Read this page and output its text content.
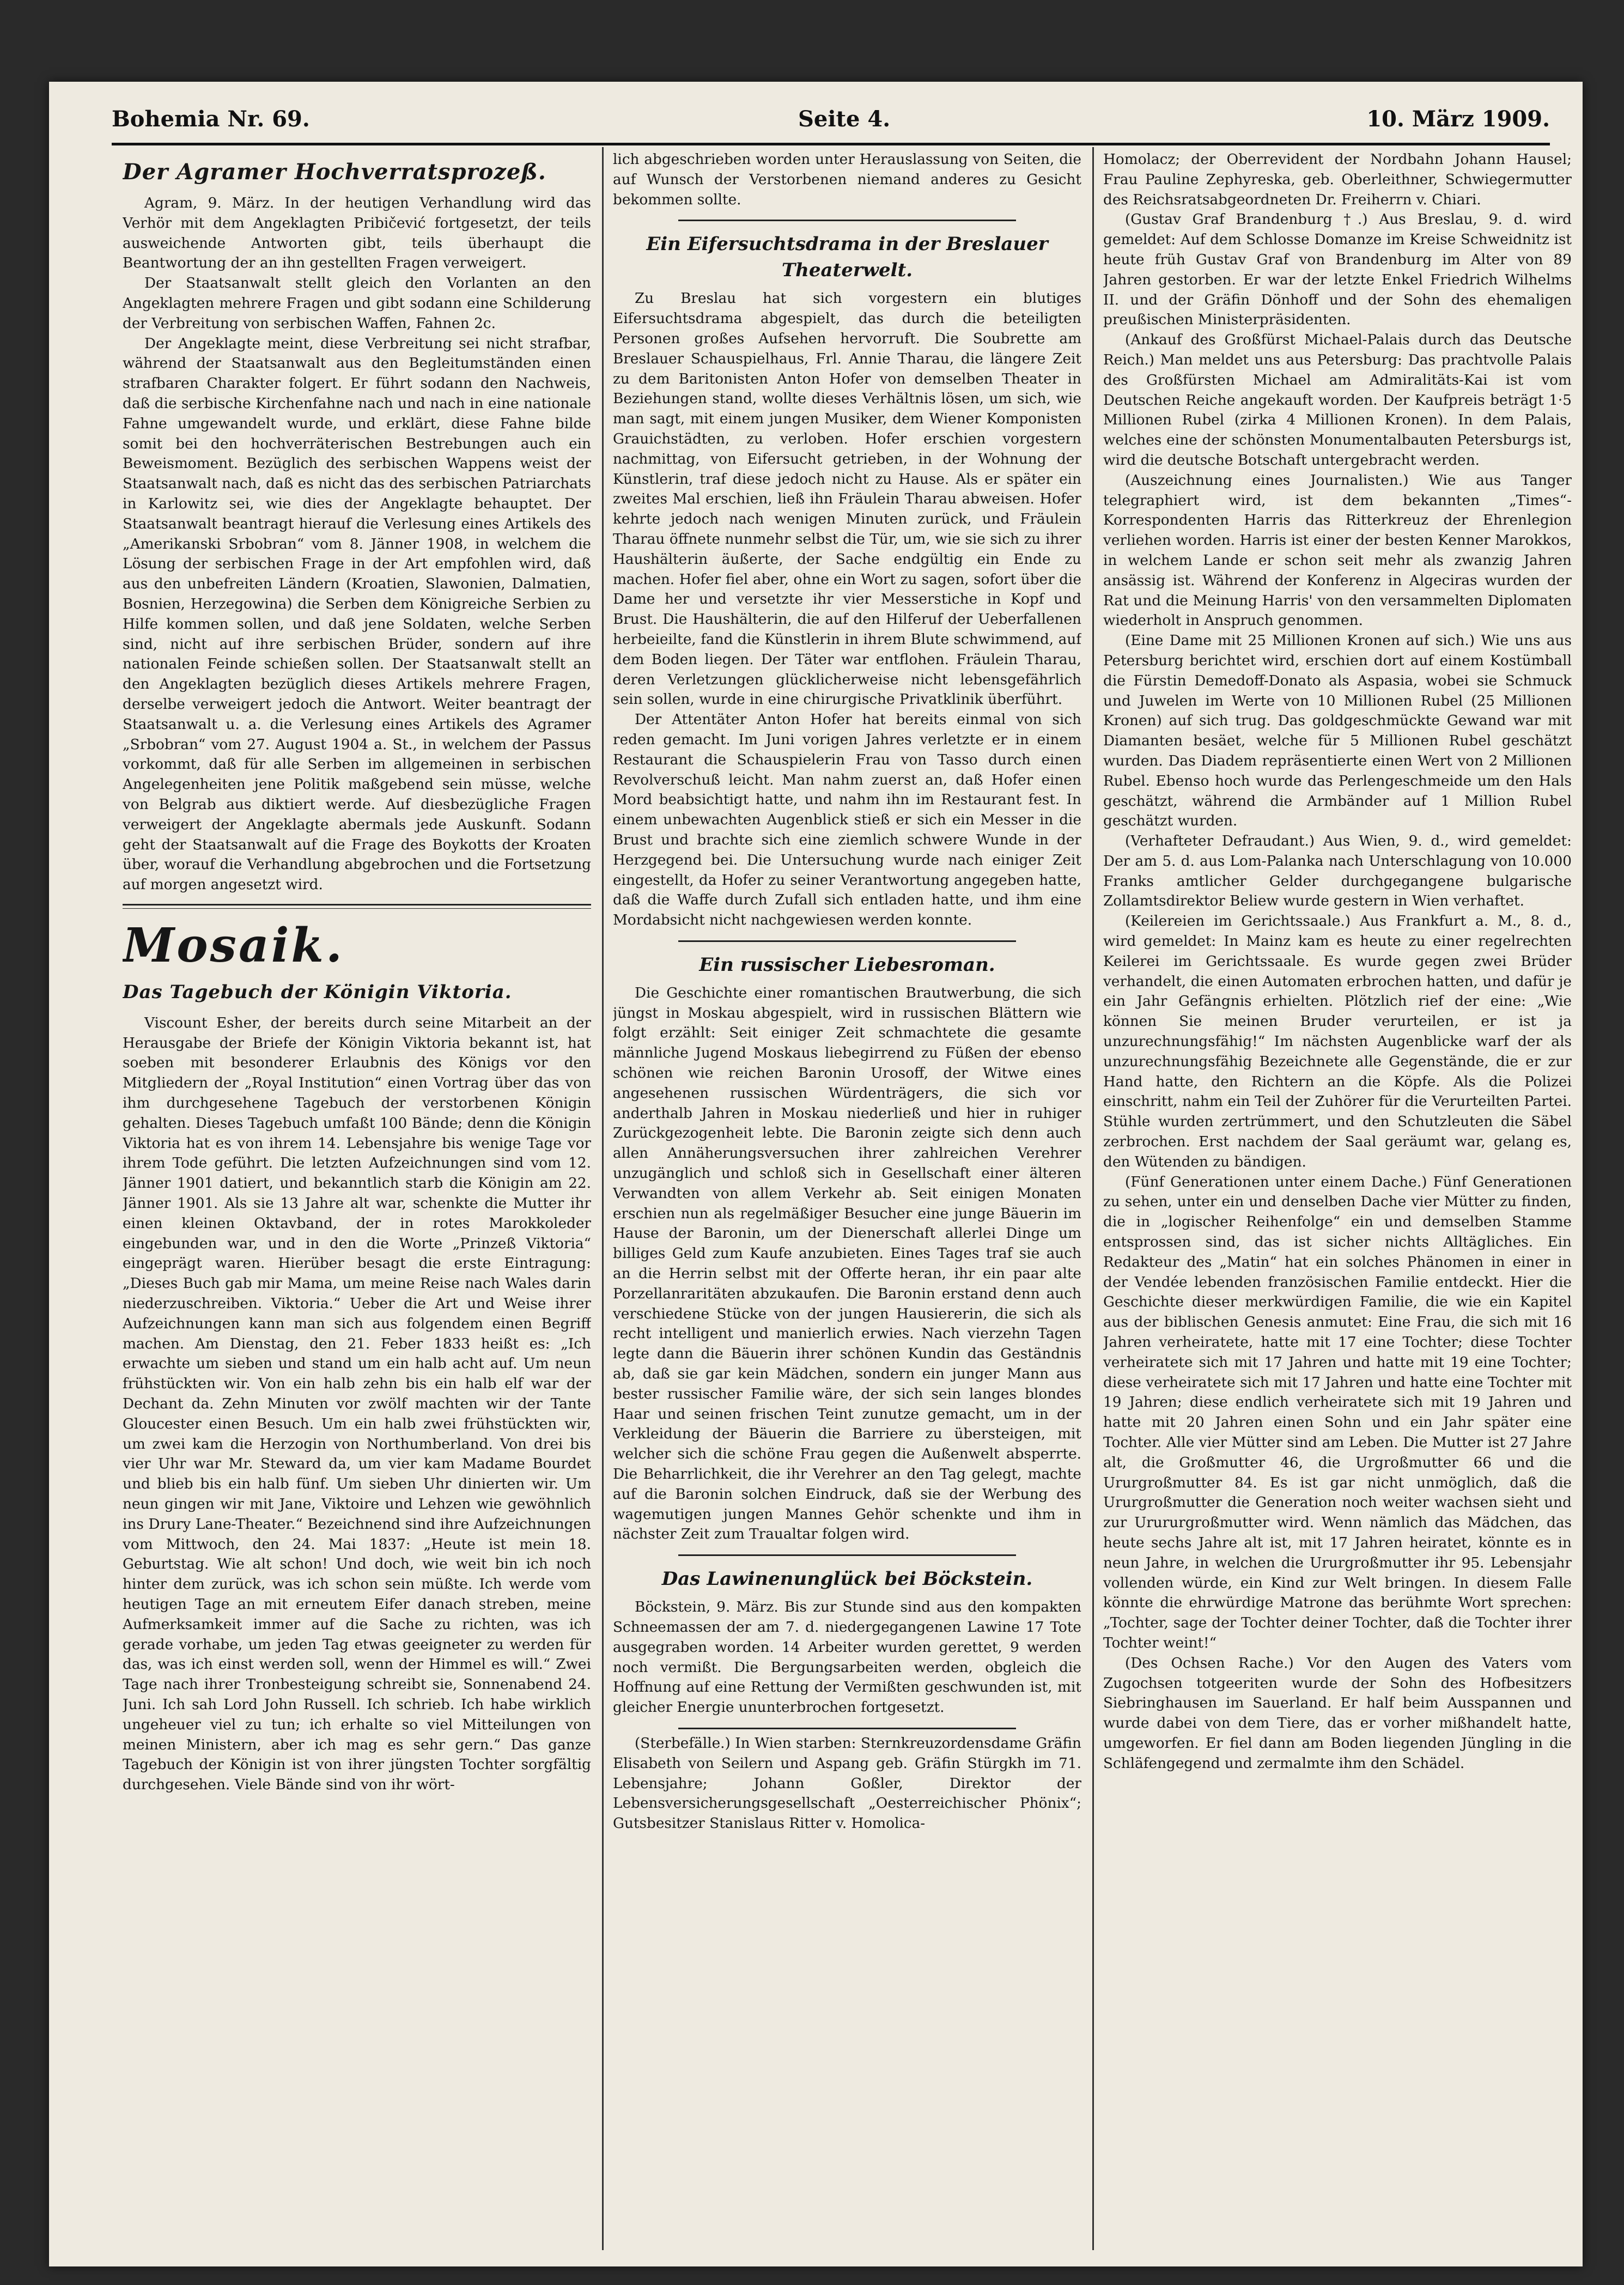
Bohemia Nr. 69.	Seite 4.	10. März 1909.
Der Agramer Hochverratsprozeß.

Agram, 9. März. In der heutigen Verhandlung wird das Verhör mit dem Angeklagten Pribičević fortgesetzt, der teils ausweichende Antworten gibt, teils überhaupt die Beantwortung der an ihn gestellten Fragen verweigert.

Der Staatsanwalt stellt gleich den Vorlanten an den Angeklagten mehrere Fragen und gibt sodann eine Schilderung der Verbreitung von serbischen Waffen, Fahnen 2c.

Der Angeklagte meint, diese Verbreitung sei nicht strafbar, während der Staatsanwalt aus den Begleitumständen einen strafbaren Charakter folgert. Er führt sodann den Nachweis, daß die serbische Kirchenfahne nach und nach in eine nationale Fahne umgewandelt wurde, und erklärt, diese Fahne bilde somit bei den hochverräterischen Bestrebungen auch ein Beweismoment. Bezüglich des serbischen Wappens weist der Staatsanwalt nach, daß es nicht das des serbischen Patriarchats in Karlowitz sei, wie dies der Angeklagte behauptet. Der Staatsanwalt beantragt hierauf die Verlesung eines Artikels des „Amerikanski Srbobran“ vom 8. Jänner 1908, in welchem die Lösung der serbischen Frage in der Art empfohlen wird, daß aus den unbefreiten Ländern (Kroatien, Slawonien, Dalmatien, Bosnien, Herzegowina) die Serben dem Königreiche Serbien zu Hilfe kommen sollen, und daß jene Soldaten, welche Serben sind, nicht auf ihre serbischen Brüder, sondern auf ihre nationalen Feinde schießen sollen. Der Staatsanwalt stellt an den Angeklagten bezüglich dieses Artikels mehrere Fragen, derselbe verweigert jedoch die Antwort. Weiter beantragt der Staatsanwalt u. a. die Verlesung eines Artikels des Agramer „Srbobran“ vom 27. August 1904 a. St., in welchem der Passus vorkommt, daß für alle Serben im allgemeinen in serbischen Angelegenheiten jene Politik maßgebend sein müsse, welche von Belgrab aus diktiert werde. Auf diesbezügliche Fragen verweigert der Angeklagte abermals jede Auskunft. Sodann geht der Staatsanwalt auf die Frage des Boykotts der Kroaten über, worauf die Verhandlung abgebrochen und die Fortsetzung auf morgen angesetzt wird.

Mosaik.
Das Tagebuch der Königin Viktoria.

Viscount Esher, der bereits durch seine Mitarbeit an der Herausgabe der Briefe der Königin Viktoria bekannt ist, hat soeben mit besonderer Erlaubnis des Königs vor den Mitgliedern der „Royal Institution“ einen Vortrag über das von ihm durchgesehene Tagebuch der verstorbenen Königin gehalten. Dieses Tagebuch umfaßt 100 Bände; denn die Königin Viktoria hat es von ihrem 14. Lebensjahre bis wenige Tage vor ihrem Tode geführt. Die letzten Aufzeichnungen sind vom 12. Jänner 1901 datiert, und bekanntlich starb die Königin am 22. Jänner 1901. Als sie 13 Jahre alt war, schenkte die Mutter ihr einen kleinen Oktavband, der in rotes Marokkoleder eingebunden war, und in den die Worte „Prinzeß Viktoria“ eingeprägt waren. Hierüber besagt die erste Eintragung: „Dieses Buch gab mir Mama, um meine Reise nach Wales darin niederzuschreiben. Viktoria.“ Ueber die Art und Weise ihrer Aufzeichnungen kann man sich aus folgendem einen Begriff machen. Am Dienstag, den 21. Feber 1833 heißt es: „Ich erwachte um sieben und stand um ein halb acht auf. Um neun frühstückten wir. Von ein halb zehn bis ein halb elf war der Dechant da. Zehn Minuten vor zwölf machten wir der Tante Gloucester einen Besuch. Um ein halb zwei frühstückten wir, um zwei kam die Herzogin von Northumberland. Von drei bis vier Uhr war Mr. Steward da, um vier kam Madame Bourdet und blieb bis ein halb fünf. Um sieben Uhr dinierten wir. Um neun gingen wir mit Jane, Viktoire und Lehzen wie gewöhnlich ins Drury Lane-Theater.“ Bezeichnend sind ihre Aufzeichnungen vom Mittwoch, den 24. Mai 1837: „Heute ist mein 18. Geburtstag. Wie alt schon! Und doch, wie weit bin ich noch hinter dem zurück, was ich schon sein müßte. Ich werde vom heutigen Tage an mit erneutem Eifer danach streben, meine Aufmerksamkeit immer auf die Sache zu richten, was ich gerade vorhabe, um jeden Tag etwas geeigneter zu werden für das, was ich einst werden soll, wenn der Himmel es will.“ Zwei Tage nach ihrer Tronbesteigung schreibt sie, Sonnenabend 24. Juni. Ich sah Lord John Russell. Ich schrieb. Ich habe wirklich ungeheuer viel zu tun; ich erhalte so viel Mitteilungen von meinen Ministern, aber ich mag es sehr gern.“ Das ganze Tagebuch der Königin ist von ihrer jüngsten Tochter sorgfältig durchgesehen. Viele Bände sind von ihr wört-

lich abgeschrieben worden unter Herauslassung von Seiten, die auf Wunsch der Verstorbenen niemand anderes zu Gesicht bekommen sollte.

Ein Eifersuchtsdrama in der Breslauer Theaterwelt.

Zu Breslau hat sich vorgestern ein blutiges Eifersuchtsdrama abgespielt, das durch die beteiligten Personen großes Aufsehen hervorruft. Die Soubrette am Breslauer Schauspielhaus, Frl. Annie Tharau, die längere Zeit zu dem Baritonisten Anton Hofer von demselben Theater in Beziehungen stand, wollte dieses Verhältnis lösen, um sich, wie man sagt, mit einem jungen Musiker, dem Wiener Komponisten Grauichstädten, zu verloben. Hofer erschien vorgestern nachmittag, von Eifersucht getrieben, in der Wohnung der Künstlerin, traf diese jedoch nicht zu Hause. Als er später ein zweites Mal erschien, ließ ihn Fräulein Tharau abweisen. Hofer kehrte jedoch nach wenigen Minuten zurück, und Fräulein Tharau öffnete nunmehr selbst die Tür, um, wie sie sich zu ihrer Haushälterin äußerte, der Sache endgültig ein Ende zu machen. Hofer fiel aber, ohne ein Wort zu sagen, sofort über die Dame her und versetzte ihr vier Messerstiche in Kopf und Brust. Die Haushälterin, die auf den Hilferuf der Ueberfallenen herbeieilte, fand die Künstlerin in ihrem Blute schwimmend, auf dem Boden liegen. Der Täter war entflohen. Fräulein Tharau, deren Verletzungen glücklicherweise nicht lebensgefährlich sein sollen, wurde in eine chirurgische Privatklinik überführt.

Der Attentäter Anton Hofer hat bereits einmal von sich reden gemacht. Im Juni vorigen Jahres verletzte er in einem Restaurant die Schauspielerin Frau von Tasso durch einen Revolverschuß leicht. Man nahm zuerst an, daß Hofer einen Mord beabsichtigt hatte, und nahm ihn im Restaurant fest. In einem unbewachten Augenblick stieß er sich ein Messer in die Brust und brachte sich eine ziemlich schwere Wunde in der Herzgegend bei. Die Untersuchung wurde nach einiger Zeit eingestellt, da Hofer zu seiner Verantwortung angegeben hatte, daß die Waffe durch Zufall sich entladen hatte, und ihm eine Mordabsicht nicht nachgewiesen werden konnte.

Ein russischer Liebesroman.

Die Geschichte einer romantischen Brautwerbung, die sich jüngst in Moskau abgespielt, wird in russischen Blättern wie folgt erzählt: Seit einiger Zeit schmachtete die gesamte männliche Jugend Moskaus liebegirrend zu Füßen der ebenso schönen wie reichen Baronin Urosoff, der Witwe eines angesehenen russischen Würdenträgers, die sich vor anderthalb Jahren in Moskau niederließ und hier in ruhiger Zurückgezogenheit lebte. Die Baronin zeigte sich denn auch allen Annäherungsversuchen ihrer zahlreichen Verehrer unzugänglich und schloß sich in Gesellschaft einer älteren Verwandten von allem Verkehr ab. Seit einigen Monaten erschien nun als regelmäßiger Besucher eine junge Bäuerin im Hause der Baronin, um der Dienerschaft allerlei Dinge um billiges Geld zum Kaufe anzubieten. Eines Tages traf sie auch an die Herrin selbst mit der Offerte heran, ihr ein paar alte Porzellanraritäten abzukaufen. Die Baronin erstand denn auch verschiedene Stücke von der jungen Hausiererin, die sich als recht intelligent und manierlich erwies. Nach vierzehn Tagen legte dann die Bäuerin ihrer schönen Kundin das Geständnis ab, daß sie gar kein Mädchen, sondern ein junger Mann aus bester russischer Familie wäre, der sich sein langes blondes Haar und seinen frischen Teint zunutze gemacht, um in der Verkleidung der Bäuerin die Barriere zu übersteigen, mit welcher sich die schöne Frau gegen die Außenwelt absperrte. Die Beharrlichkeit, die ihr Verehrer an den Tag gelegt, machte auf die Baronin solchen Eindruck, daß sie der Werbung des wagemutigen jungen Mannes Gehör schenkte und ihm in nächster Zeit zum Traualtar folgen wird.

Das Lawinenunglück bei Böckstein.

Böckstein, 9. März. Bis zur Stunde sind aus den kompakten Schneemassen der am 7. d. niedergegangenen Lawine 17 Tote ausgegraben worden. 14 Arbeiter wurden gerettet, 9 werden noch vermißt. Die Bergungsarbeiten werden, obgleich die Hoffnung auf eine Rettung der Vermißten geschwunden ist, mit gleicher Energie ununterbrochen fortgesetzt.

(Sterbefälle.) In Wien starben: Sternkreuzordensdame Gräfin Elisabeth von Seilern und Aspang geb. Gräfin Stürgkh im 71. Lebensjahre; Johann Goßler, Direktor der Lebensversicherungsgesellschaft „Oesterreichischer Phönix“; Gutsbesitzer Stanislaus Ritter v. Homolica-

Homolacz; der Oberrevident der Nordbahn Johann Hausel; Frau Pauline Zephyreska, geb. Oberleithner, Schwiegermutter des Reichsratsabgeordneten Dr. Freiherrn v. Chiari.

(Gustav Graf Brandenburg †.) Aus Breslau, 9. d. wird gemeldet: Auf dem Schlosse Domanze im Kreise Schweidnitz ist heute früh Gustav Graf von Brandenburg im Alter von 89 Jahren gestorben. Er war der letzte Enkel Friedrich Wilhelms II. und der Gräfin Dönhoff und der Sohn des ehemaligen preußischen Ministerpräsidenten.

(Ankauf des Großfürst Michael-Palais durch das Deutsche Reich.) Man meldet uns aus Petersburg: Das prachtvolle Palais des Großfürsten Michael am Admiralitäts-Kai ist vom Deutschen Reiche angekauft worden. Der Kaufpreis beträgt 1·5 Millionen Rubel (zirka 4 Millionen Kronen). In dem Palais, welches eine der schönsten Monumentalbauten Petersburgs ist, wird die deutsche Botschaft untergebracht werden.

(Auszeichnung eines Journalisten.) Wie aus Tanger telegraphiert wird, ist dem bekannten „Times“-Korrespondenten Harris das Ritterkreuz der Ehrenlegion verliehen worden. Harris ist einer der besten Kenner Marokkos, in welchem Lande er schon seit mehr als zwanzig Jahren ansässig ist. Während der Konferenz in Algeciras wurden der Rat und die Meinung Harris' von den versammelten Diplomaten wiederholt in Anspruch genommen.

(Eine Dame mit 25 Millionen Kronen auf sich.) Wie uns aus Petersburg berichtet wird, erschien dort auf einem Kostümball die Fürstin Demedoff-Donato als Aspasia, wobei sie Schmuck und Juwelen im Werte von 10 Millionen Rubel (25 Millionen Kronen) auf sich trug. Das goldgeschmückte Gewand war mit Diamanten besäet, welche für 5 Millionen Rubel geschätzt wurden. Das Diadem repräsentierte einen Wert von 2 Millionen Rubel. Ebenso hoch wurde das Perlengeschmeide um den Hals geschätzt, während die Armbänder auf 1 Million Rubel geschätzt wurden.

(Verhafteter Defraudant.) Aus Wien, 9. d., wird gemeldet: Der am 5. d. aus Lom-Palanka nach Unterschlagung von 10.000 Franks amtlicher Gelder durchgegangene bulgarische Zollamtsdirektor Beliew wurde gestern in Wien verhaftet.

(Keilereien im Gerichtssaale.) Aus Frankfurt a. M., 8. d., wird gemeldet: In Mainz kam es heute zu einer regelrechten Keilerei im Gerichtssaale. Es wurde gegen zwei Brüder verhandelt, die einen Automaten erbrochen hatten, und dafür je ein Jahr Gefängnis erhielten. Plötzlich rief der eine: „Wie können Sie meinen Bruder verurteilen, er ist ja unzurechnungsfähig!“ Im nächsten Augenblicke warf der als unzurechnungsfähig Bezeichnete alle Gegenstände, die er zur Hand hatte, den Richtern an die Köpfe. Als die Polizei einschritt, nahm ein Teil der Zuhörer für die Verurteilten Partei. Stühle wurden zertrümmert, und den Schutzleuten die Säbel zerbrochen. Erst nachdem der Saal geräumt war, gelang es, den Wütenden zu bändigen.

(Fünf Generationen unter einem Dache.) Fünf Generationen zu sehen, unter ein und denselben Dache vier Mütter zu finden, die in „logischer Reihenfolge“ ein und demselben Stamme entsprossen sind, das ist sicher nichts Alltägliches. Ein Redakteur des „Matin“ hat ein solches Phänomen in einer in der Vendée lebenden französischen Familie entdeckt. Hier die Geschichte dieser merkwürdigen Familie, die wie ein Kapitel aus der biblischen Genesis anmutet: Eine Frau, die sich mit 16 Jahren verheiratete, hatte mit 17 eine Tochter; diese Tochter verheiratete sich mit 17 Jahren und hatte mit 19 eine Tochter; diese verheiratete sich mit 17 Jahren und hatte eine Tochter mit 19 Jahren; diese endlich verheiratete sich mit 19 Jahren und hatte mit 20 Jahren einen Sohn und ein Jahr später eine Tochter. Alle vier Mütter sind am Leben. Die Mutter ist 27 Jahre alt, die Großmutter 46, die Urgroßmutter 66 und die Ururgroßmutter 84. Es ist gar nicht unmöglich, daß die Ururgroßmutter die Generation noch weiter wachsen sieht und zur Urururgroßmutter wird. Wenn nämlich das Mädchen, das heute sechs Jahre alt ist, mit 17 Jahren heiratet, könnte es in neun Jahre, in welchen die Ururgroßmutter ihr 95. Lebensjahr vollenden würde, ein Kind zur Welt bringen. In diesem Falle könnte die ehrwürdige Matrone das berühmte Wort sprechen: „Tochter, sage der Tochter deiner Tochter, daß die Tochter ihrer Tochter weint!“

(Des Ochsen Rache.) Vor den Augen des Vaters vom Zugochsen totgeeriten wurde der Sohn des Hofbesitzers Siebringhausen im Sauerland. Er half beim Ausspannen und wurde dabei von dem Tiere, das er vorher mißhandelt hatte, umgeworfen. Er fiel dann am Boden liegenden Jüngling in die Schläfengegend und zermalmte ihm den Schädel.
